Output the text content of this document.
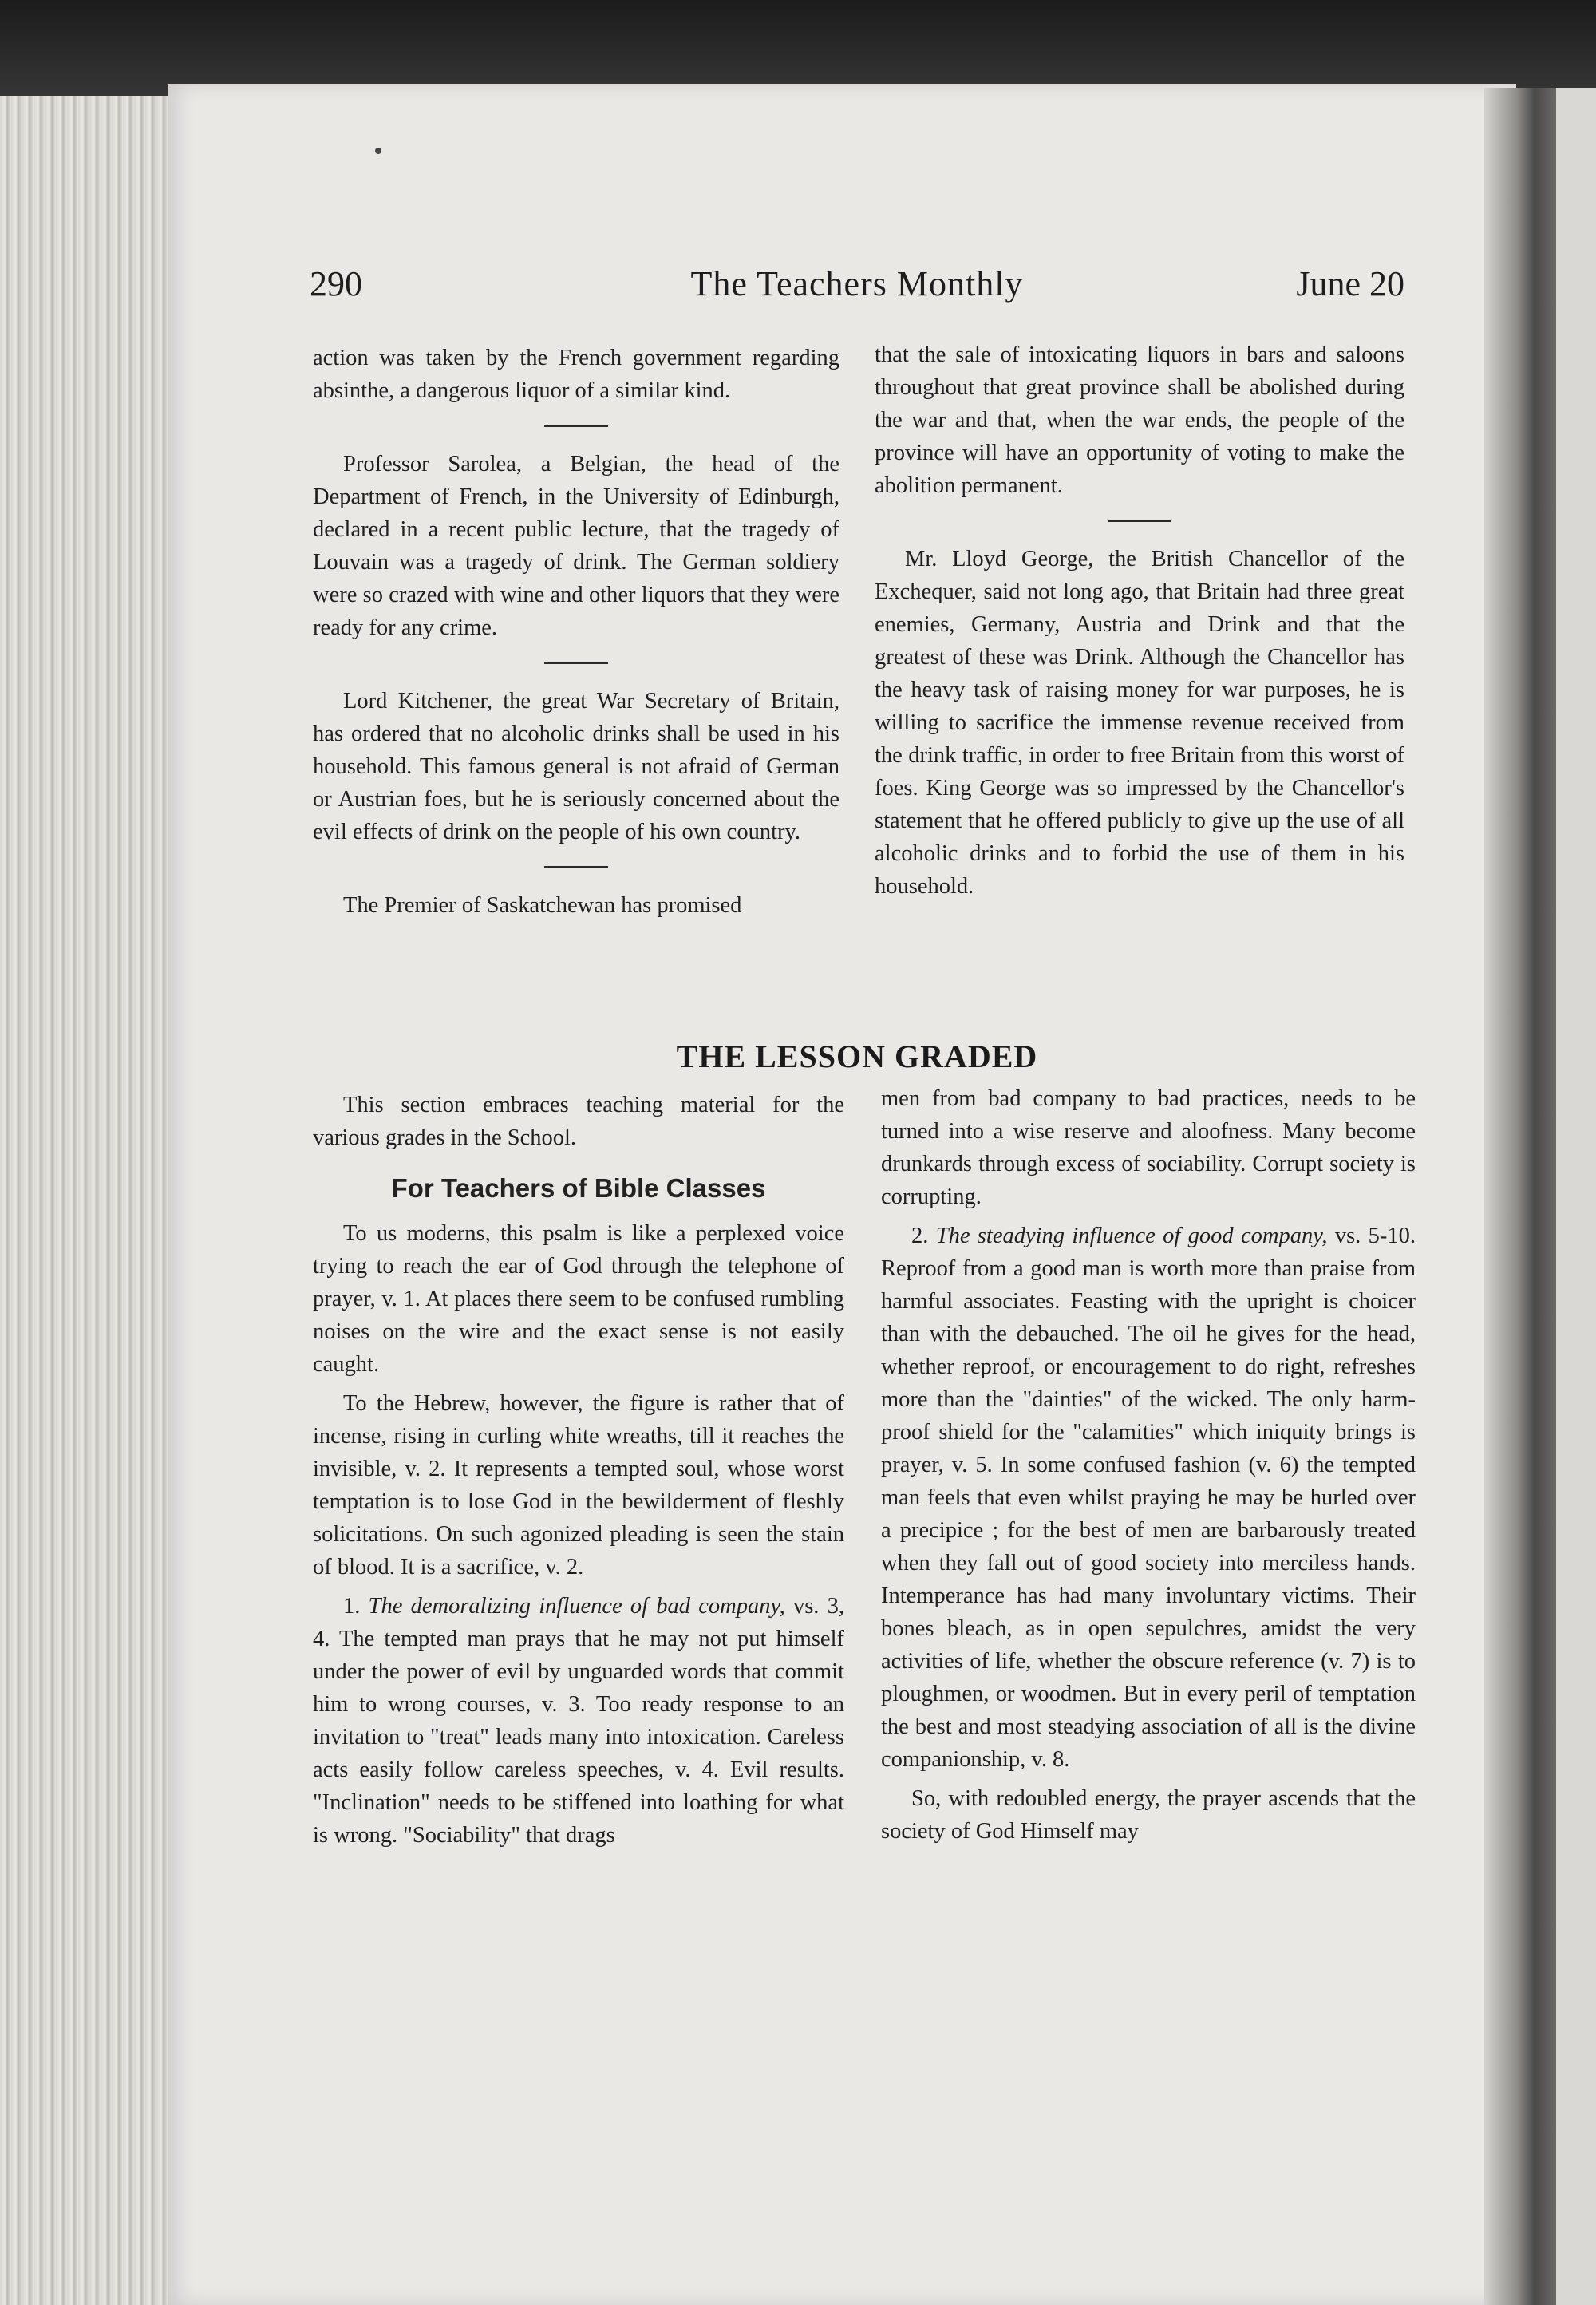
290	The Teachers Monthly	June 20

action was taken by the French government regarding absinthe, a dangerous liquor of a similar kind.

Professor Sarolea, a Belgian, the head of the Department of French, in the University of Edinburgh, declared in a recent public lecture, that the tragedy of Louvain was a tragedy of drink. The German soldiery were so crazed with wine and other liquors that they were ready for any crime.

Lord Kitchener, the great War Secretary of Britain, has ordered that no alcoholic drinks shall be used in his household. This famous general is not afraid of German or Austrian foes, but he is seriously concerned about the evil effects of drink on the people of his own country.

The Premier of Saskatchewan has promised

that the sale of intoxicating liquors in bars and saloons throughout that great province shall be abolished during the war and that, when the war ends, the people of the province will have an opportunity of voting to make the abolition permanent.

Mr. Lloyd George, the British Chancellor of the Exchequer, said not long ago, that Britain had three great enemies, Germany, Austria and Drink and that the greatest of these was Drink. Although the Chancellor has the heavy task of raising money for war purposes, he is willing to sacrifice the immense revenue received from the drink traffic, in order to free Britain from this worst of foes. King George was so impressed by the Chancellor's statement that he offered publicly to give up the use of all alcoholic drinks and to forbid the use of them in his household.

THE LESSON GRADED

This section embraces teaching material for the various grades in the School.

For Teachers of Bible Classes

To us moderns, this psalm is like a perplexed voice trying to reach the ear of God through the telephone of prayer, v. 1. At places there seem to be confused rumbling noises on the wire and the exact sense is not easily caught.

To the Hebrew, however, the figure is rather that of incense, rising in curling white wreaths, till it reaches the invisible, v. 2. It represents a tempted soul, whose worst temptation is to lose God in the bewilderment of fleshly solicitations. On such agonized pleading is seen the stain of blood. It is a sacrifice, v. 2.

1. The demoralizing influence of bad company, vs. 3, 4. The tempted man prays that he may not put himself under the power of evil by unguarded words that commit him to wrong courses, v. 3. Too ready response to an invitation to "treat" leads many into intoxication. Careless acts easily follow careless speeches, v. 4. Evil results. "Inclination" needs to be stiffened into loathing for what is wrong. "Sociability" that drags

men from bad company to bad practices, needs to be turned into a wise reserve and aloofness. Many become drunkards through excess of sociability. Corrupt society is corrupting.

2. The steadying influence of good company, vs. 5-10. Reproof from a good man is worth more than praise from harmful associates. Feasting with the upright is choicer than with the debauched. The oil he gives for the head, whether reproof, or encouragement to do right, refreshes more than the "dainties" of the wicked. The only harm-proof shield for the "calamities" which iniquity brings is prayer, v. 5. In some confused fashion (v. 6) the tempted man feels that even whilst praying he may be hurled over a precipice ; for the best of men are barbarously treated when they fall out of good society into merciless hands. Intemperance has had many involuntary victims. Their bones bleach, as in open sepulchres, amidst the very activities of life, whether the obscure reference (v. 7) is to ploughmen, or woodmen. But in every peril of temptation the best and most steadying association of all is the divine companionship, v. 8.

So, with redoubled energy, the prayer ascends that the society of God Himself may
